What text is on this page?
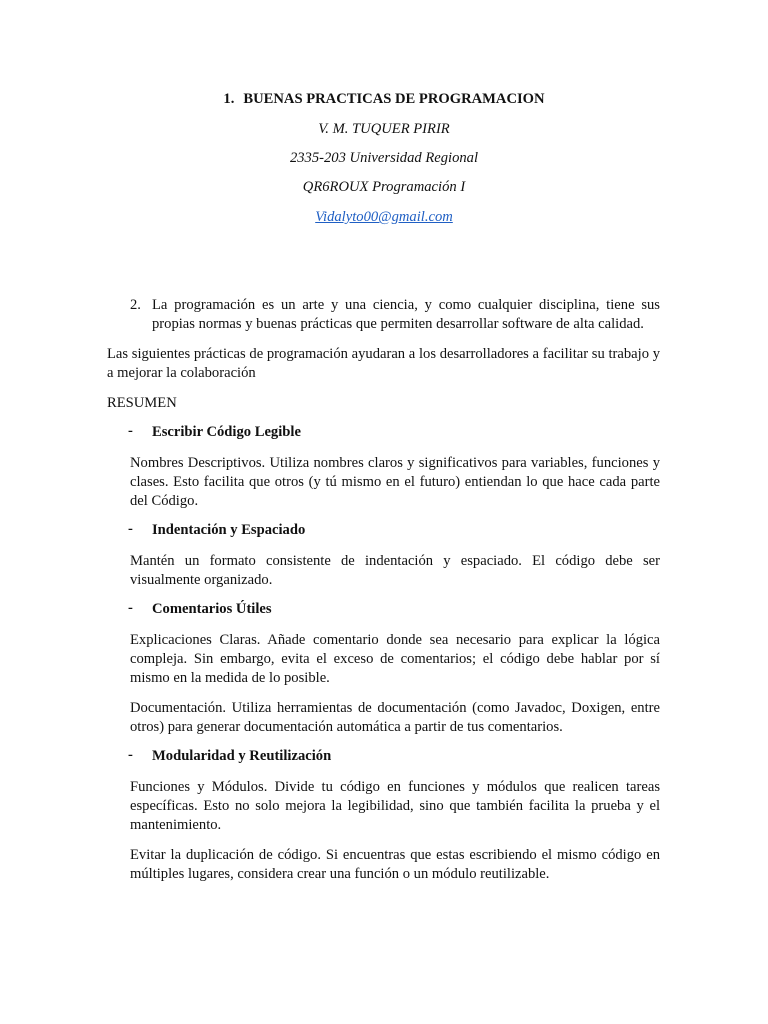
1. BUENAS PRACTICAS DE PROGRAMACION
V. M. TUQUER PIRIR
2335-203 Universidad Regional
QR6ROUX Programación I
Vidalyto00@gmail.com
2. La programación es un arte y una ciencia, y como cualquier disciplina, tiene sus propias normas y buenas prácticas que permiten desarrollar software de alta calidad.
Las siguientes prácticas de programación ayudaran a los desarrolladores a facilitar su trabajo y a mejorar la colaboración
RESUMEN
- Escribir Código Legible
Nombres Descriptivos. Utiliza nombres claros y significativos para variables, funciones y clases. Esto facilita que otros (y tú mismo en el futuro) entiendan lo que hace cada parte del Código.
- Indentación y Espaciado
Mantén un formato consistente de indentación y espaciado. El código debe ser visualmente organizado.
- Comentarios Útiles
Explicaciones Claras. Añade comentario donde sea necesario para explicar la lógica compleja. Sin embargo, evita el exceso de comentarios; el código debe hablar por sí mismo en la medida de lo posible.
Documentación. Utiliza herramientas de documentación (como Javadoc, Doxigen, entre otros) para generar documentación automática a partir de tus comentarios.
- Modularidad y Reutilización
Funciones y Módulos. Divide tu código en funciones y módulos que realicen tareas específicas. Esto no solo mejora la legibilidad, sino que también facilita la prueba y el mantenimiento.
Evitar la duplicación de código. Si encuentras que estas escribiendo el mismo código en múltiples lugares, considera crear una función o un módulo reutilizable.
